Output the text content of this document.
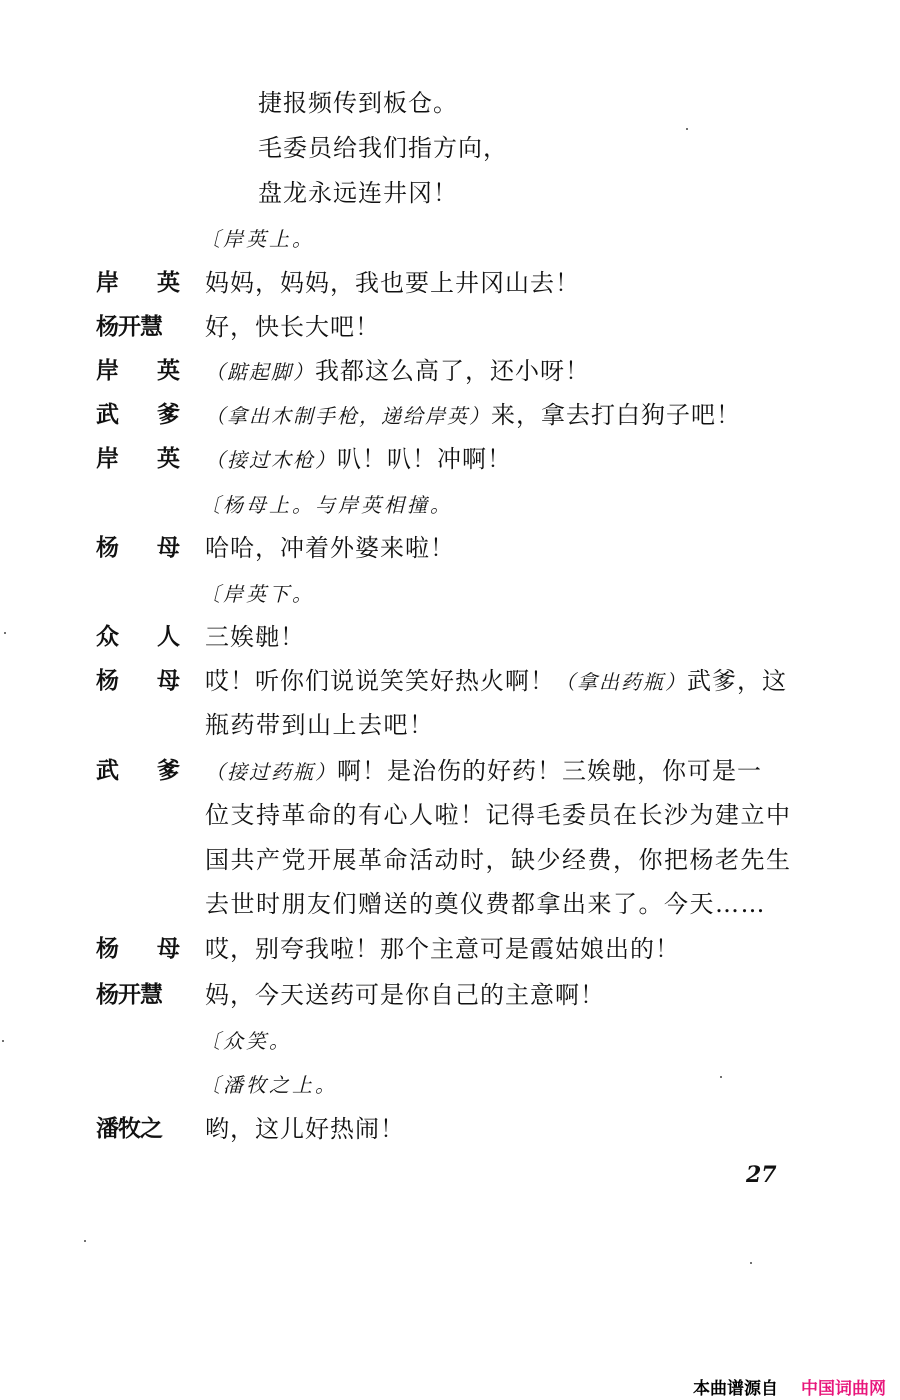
捷报频传到板仓。
毛委员给我们指方向，
盘龙永远连井冈！
〔岸英上。
岸 英 妈妈，妈妈，我也要上井冈山去！
杨开慧 好，快长大吧！
岸 英 （踮起脚）我都这么高了，还小呀！
武 爹 （拿出木制手枪，递给岸英）来，拿去打白狗子吧！
岸 英 （接过木枪）叭！叭！冲啊！
〔杨母上。与岸英相撞。
杨 母 哈哈，冲着外婆来啦！
〔岸英下。
众 人 三娭毑！
杨 母 哎！听你们说说笑笑好热火啊！（拿出药瓶）武爹，这
瓶药带到山上去吧！
武 爹 （接过药瓶）啊！是治伤的好药！三娭毑，你可是一
位支持革命的有心人啦！记得毛委员在长沙为建立中
国共产党开展革命活动时，缺少经费，你把杨老先生
去世时朋友们赠送的奠仪费都拿出来了。今天……
杨 母 哎，别夸我啦！那个主意可是霞姑娘出的！
杨开慧 妈，今天送药可是你自己的主意啊！
〔众笑。
〔潘牧之上。
潘牧之 哟，这儿好热闹！
27
本曲谱源自 中国词曲网
